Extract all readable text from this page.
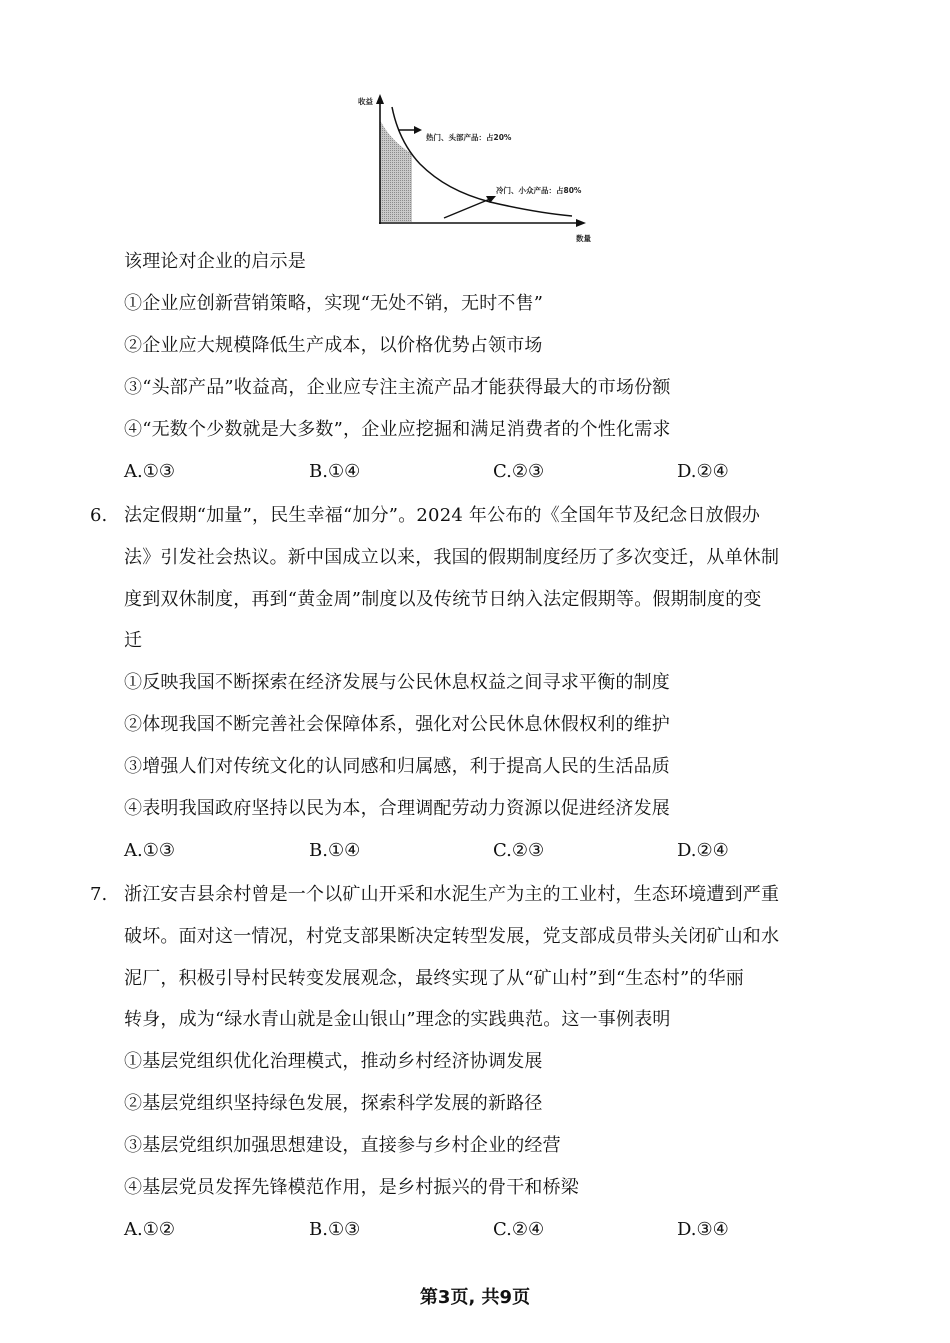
收益
数量
热门、头部产品：占20%
冷门、小众产品：占80%
该理论对企业的启示是
①企业应创新营销策略，实现“无处不销，无时不售”
②企业应大规模降低生产成本，以价格优势占领市场
③“头部产品”收益高，企业应专注主流产品才能获得最大的市场份额
④“无数个少数就是大多数”，企业应挖掘和满足消费者的个性化需求
A.①③	B.①④	C.②③	D.②④
6. 法定假期“加量”，民生幸福“加分”。2024 年公布的《全国年节及纪念日放假办
法》引发社会热议。新中国成立以来，我国的假期制度经历了多次变迁，从单休制
度到双休制度，再到“黄金周”制度以及传统节日纳入法定假期等。假期制度的变
迁
①反映我国不断探索在经济发展与公民休息权益之间寻求平衡的制度
②体现我国不断完善社会保障体系，强化对公民休息休假权利的维护
③增强人们对传统文化的认同感和归属感，利于提高人民的生活品质
④表明我国政府坚持以民为本，合理调配劳动力资源以促进经济发展
A.①③	B.①④	C.②③	D.②④
7. 浙江安吉县余村曾是一个以矿山开采和水泥生产为主的工业村，生态环境遭到严重
破坏。面对这一情况，村党支部果断决定转型发展，党支部成员带头关闭矿山和水
泥厂，积极引导村民转变发展观念，最终实现了从“矿山村”到“生态村”的华丽
转身，成为“绿水青山就是金山银山”理念的实践典范。这一事例表明
①基层党组织优化治理模式，推动乡村经济协调发展
②基层党组织坚持绿色发展，探索科学发展的新路径
③基层党组织加强思想建设，直接参与乡村企业的经营
④基层党员发挥先锋模范作用，是乡村振兴的骨干和桥梁
A.①②	B.①③	C.②④	D.③④
第3页, 共9页
